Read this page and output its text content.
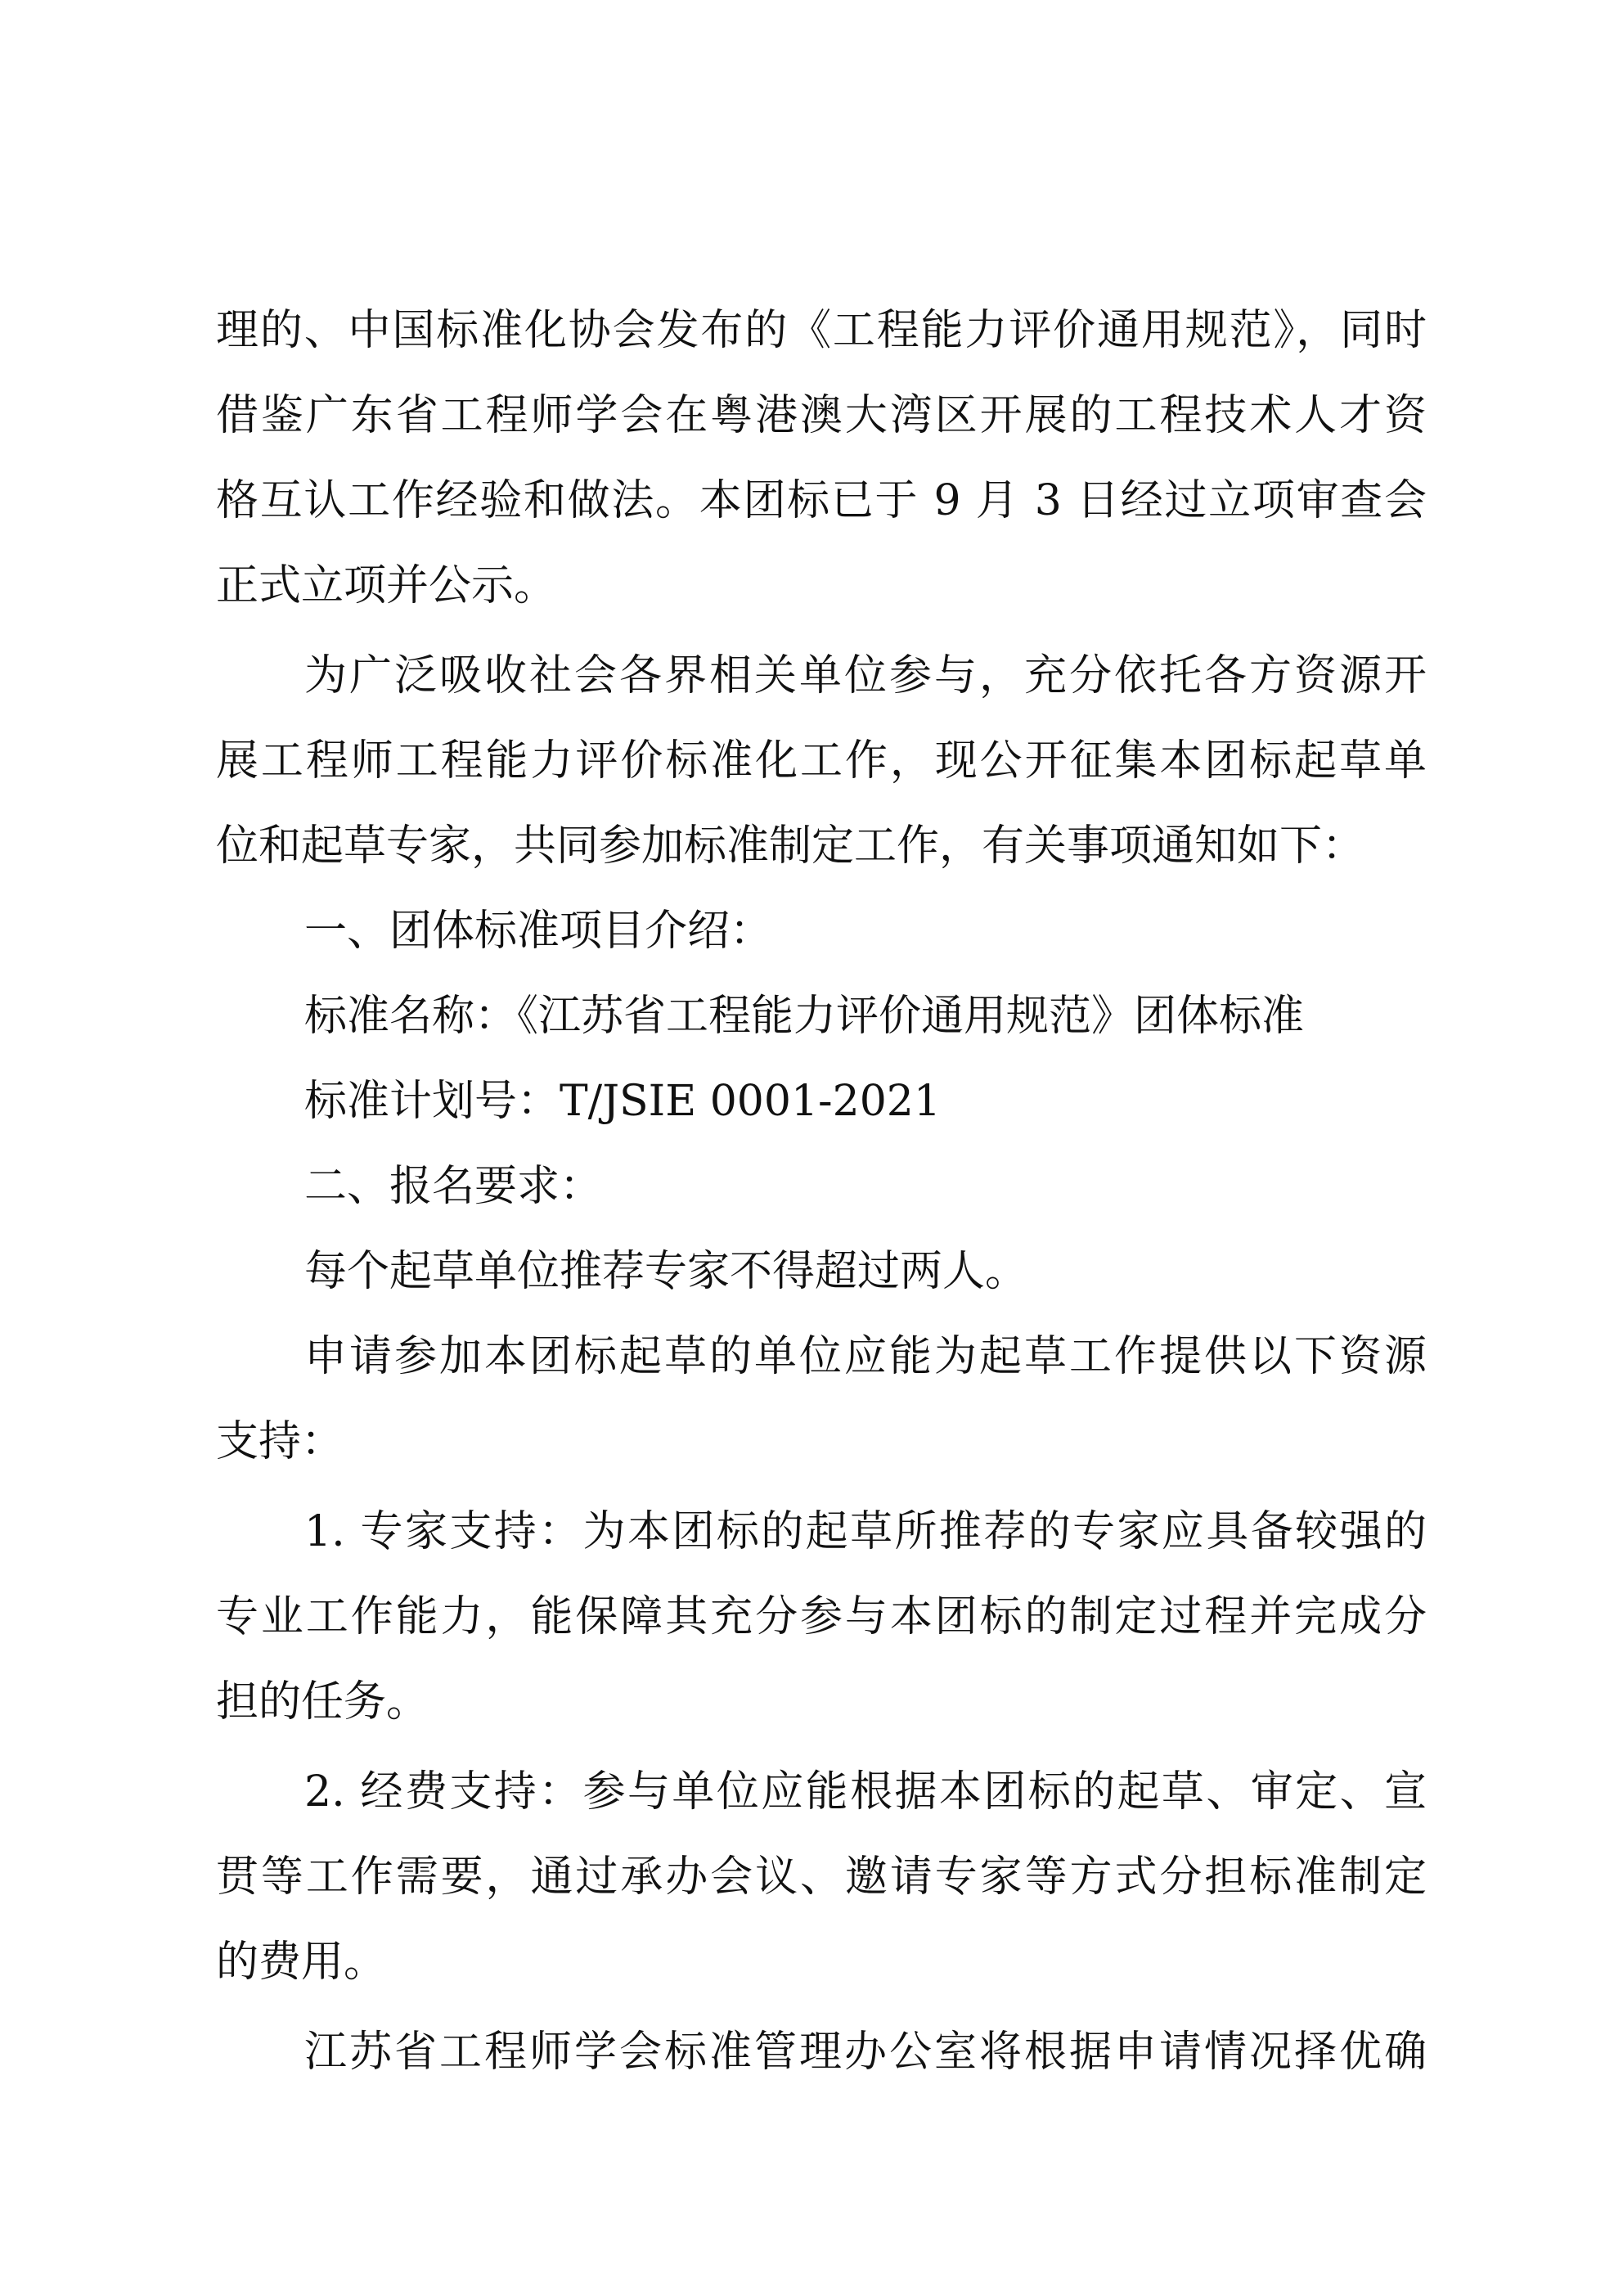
理的、中国标准化协会发布的《工程能力评价通用规范》，同时
借鉴广东省工程师学会在粤港澳大湾区开展的工程技术人才资
格互认工作经验和做法。本团标已于 9 月 3 日经过立项审查会
正式立项并公示。
为广泛吸收社会各界相关单位参与，充分依托各方资源开
展工程师工程能力评价标准化工作，现公开征集本团标起草单
位和起草专家，共同参加标准制定工作，有关事项通知如下：
一、团体标准项目介绍：
标准名称：《江苏省工程能力评价通用规范》团体标准
标准计划号：T/JSIE 0001-2021
二、报名要求：
每个起草单位推荐专家不得超过两人。
申请参加本团标起草的单位应能为起草工作提供以下资源
支持：
1. 专家支持：为本团标的起草所推荐的专家应具备较强的
专业工作能力，能保障其充分参与本团标的制定过程并完成分
担的任务。
2. 经费支持：参与单位应能根据本团标的起草、审定、宣
贯等工作需要，通过承办会议、邀请专家等方式分担标准制定
的费用。
江苏省工程师学会标准管理办公室将根据申请情况择优确
